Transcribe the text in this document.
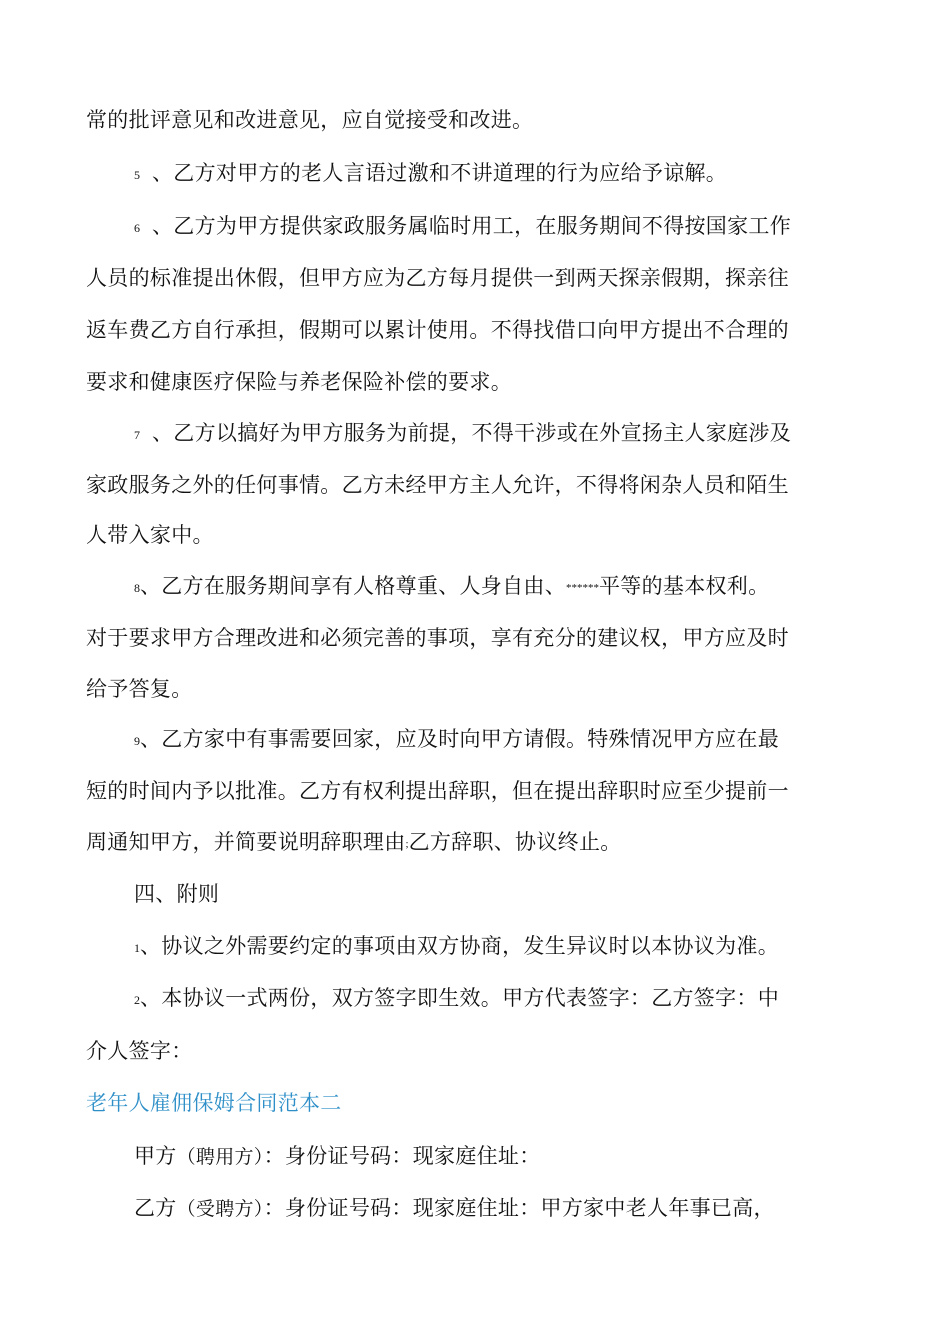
常的批评意见和改进意见，应自觉接受和改进。
5 、乙方对甲方的老人言语过激和不讲道理的行为应给予谅解。
6 、乙方为甲方提供家政服务属临时用工，在服务期间不得按国家工作
人员的标准提出休假，但甲方应为乙方每月提供一到两天探亲假期，探亲往
返车费乙方自行承担，假期可以累计使用。不得找借口向甲方提出不合理的
要求和健康医疗保险与养老保险补偿的要求。
7 、乙方以搞好为甲方服务为前提，不得干涉或在外宣扬主人家庭涉及
家政服务之外的任何事情。乙方未经甲方主人允许，不得将闲杂人员和陌生
人带入家中。
8、乙方在服务期间享有人格尊重、人身自由、******平等的基本权利。
对于要求甲方合理改进和必须完善的事项，享有充分的建议权，甲方应及时
给予答复。
9、乙方家中有事需要回家，应及时向甲方请假。特殊情况甲方应在最
短的时间内予以批准。乙方有权利提出辞职，但在提出辞职时应至少提前一
周通知甲方，并简要说明辞职理由;乙方辞职、协议终止。
四、附则
1、协议之外需要约定的事项由双方协商，发生异议时以本协议为准。
2、本协议一式两份，双方签字即生效。甲方代表签字：乙方签字：中
介人签字：
老年人雇佣保姆合同范本二
甲方（聘用方）：身份证号码：现家庭住址：
乙方（受聘方）：身份证号码：现家庭住址：甲方家中老人年事已高，
